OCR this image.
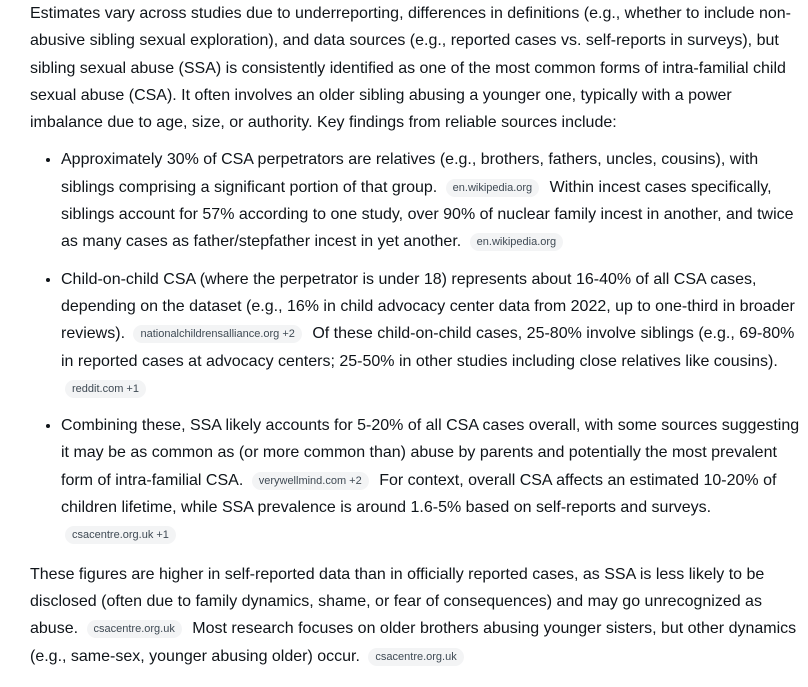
Estimates vary across studies due to underreporting, differences in definitions (e.g., whether to include non-abusive sibling sexual exploration), and data sources (e.g., reported cases vs. self-reports in surveys), but sibling sexual abuse (SSA) is consistently identified as one of the most common forms of intra-familial child sexual abuse (CSA). It often involves an older sibling abusing a younger one, typically with a power imbalance due to age, size, or authority. Key findings from reliable sources include:

• Approximately 30% of CSA perpetrators are relatives (e.g., brothers, fathers, uncles, cousins), with siblings comprising a significant portion of that group. en.wikipedia.org Within incest cases specifically, siblings account for 57% according to one study, over 90% of nuclear family incest in another, and twice as many cases as father/stepfather incest in yet another. en.wikipedia.org
• Child-on-child CSA (where the perpetrator is under 18) represents about 16-40% of all CSA cases, depending on the dataset (e.g., 16% in child advocacy center data from 2022, up to one-third in broader reviews). nationalchildrensalliance.org +2 Of these child-on-child cases, 25-80% involve siblings (e.g., 69-80% in reported cases at advocacy centers; 25-50% in other studies including close relatives like cousins). reddit.com +1
• Combining these, SSA likely accounts for 5-20% of all CSA cases overall, with some sources suggesting it may be as common as (or more common than) abuse by parents and potentially the most prevalent form of intra-familial CSA. verywellmind.com +2 For context, overall CSA affects an estimated 10-20% of children lifetime, while SSA prevalence is around 1.6-5% based on self-reports and surveys. csacentre.org.uk +1

These figures are higher in self-reported data than in officially reported cases, as SSA is less likely to be disclosed (often due to family dynamics, shame, or fear of consequences) and may go unrecognized as abuse. csacentre.org.uk Most research focuses on older brothers abusing younger sisters, but other dynamics (e.g., same-sex, younger abusing older) occur. csacentre.org.uk
